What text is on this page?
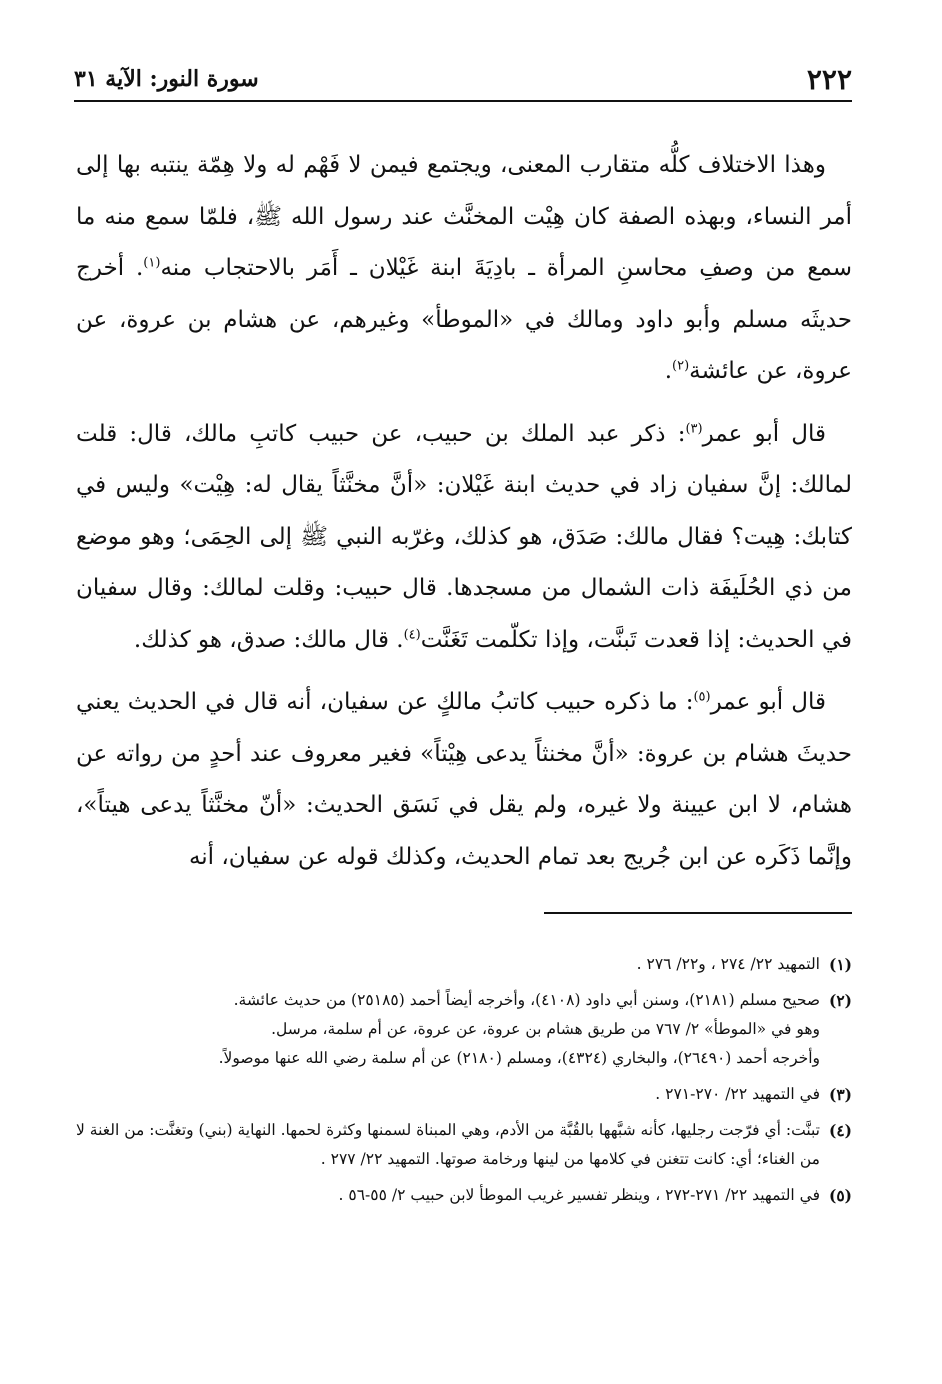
٢٢٢
سورة النور: الآية ٣١

وهذا الاختلاف كلُّه متقارب المعنى، ويجتمع فيمن لا فَهْم له ولا هِمّة ينتبه بها إلى أمر النساء، وبهذه الصفة كان هِيْت المخنَّث عند رسول الله ﷺ، فلمّا سمع منه ما سمع من وصفِ محاسنِ المرأة ـ بادِيَةَ ابنة غَيْلان ـ أَمَر بالاحتجاب منه$^{(١)}$. أخرج حديثَه مسلم وأبو داود ومالك في «الموطأ» وغيرهم، عن هشام بن عروة، عن عروة، عن عائشة$^{(٢)}$.

قال أبو عمر$^{(٣)}$: ذكر عبد الملك بن حبيب، عن حبيب كاتبِ مالك، قال: قلت لمالك: إنَّ سفيان زاد في حديث ابنة غَيْلان: «أنَّ مخنَّثاً يقال له: هِيْت» وليس في كتابك: هِيت؟ فقال مالك: صَدَق، هو كذلك، وغرّبه النبي ﷺ إلى الحِمَى؛ وهو موضع من ذي الحُلَيفَة ذات الشمال من مسجدها. قال حبيب: وقلت لمالك: وقال سفيان في الحديث: إذا قعدت تَبنَّت، وإذا تكلّمت تَغَنَّت$^{(٤)}$. قال مالك: صدق، هو كذلك.

قال أبو عمر$^{(٥)}$: ما ذكره حبيب كاتبُ مالكٍ عن سفيان، أنه قال في الحديث يعني حديثَ هشام بن عروة: «أنَّ مخنثاً يدعى هِيْتاً» فغير معروف عند أحدٍ من رواته عن هشام، لا ابن عيينة ولا غيره، ولم يقل في نَسَق الحديث: «أنّ مخنَّثاً يدعى هيتاً»، وإنَّما ذَكَره عن ابن جُريج بعد تمام الحديث، وكذلك قوله عن سفيان، أنه

(١)
التمهيد ٢٢/ ٢٧٤ ، و٢٢/ ٢٧٦ .
(٢)
صحيح مسلم (٢١٨١)، وسنن أبي داود (٤١٠٨)، وأخرجه أيضاً أحمد (٢٥١٨٥) من حديث عائشة.
وهو في «الموطأ» ٢/ ٧٦٧ من طريق هشام بن عروة، عن عروة، عن أم سلمة، مرسل.
وأخرجه أحمد (٢٦٤٩٠)، والبخاري (٤٣٢٤)، ومسلم (٢١٨٠) عن أم سلمة رضي الله عنها موصولاً.
(٣)
في التمهيد ٢٢/ ٢٧٠-٢٧١ .
(٤)
تبنَّت: أي فرّجت رجليها، كأنه شبَّهها بالقُبَّة من الأدم، وهي المبناة لسمنها وكثرة لحمها. النهاية (بني) وتغنَّت: من الغنة لا من الغناء؛ أي: كانت تتغنن في كلامها من لينها ورخامة صوتها. التمهيد ٢٢/ ٢٧٧ .
(٥)
في التمهيد ٢٢/ ٢٧١-٢٧٢ ، وينظر تفسير غريب الموطأ لابن حبيب ٢/ ٥٥-٥٦ .
